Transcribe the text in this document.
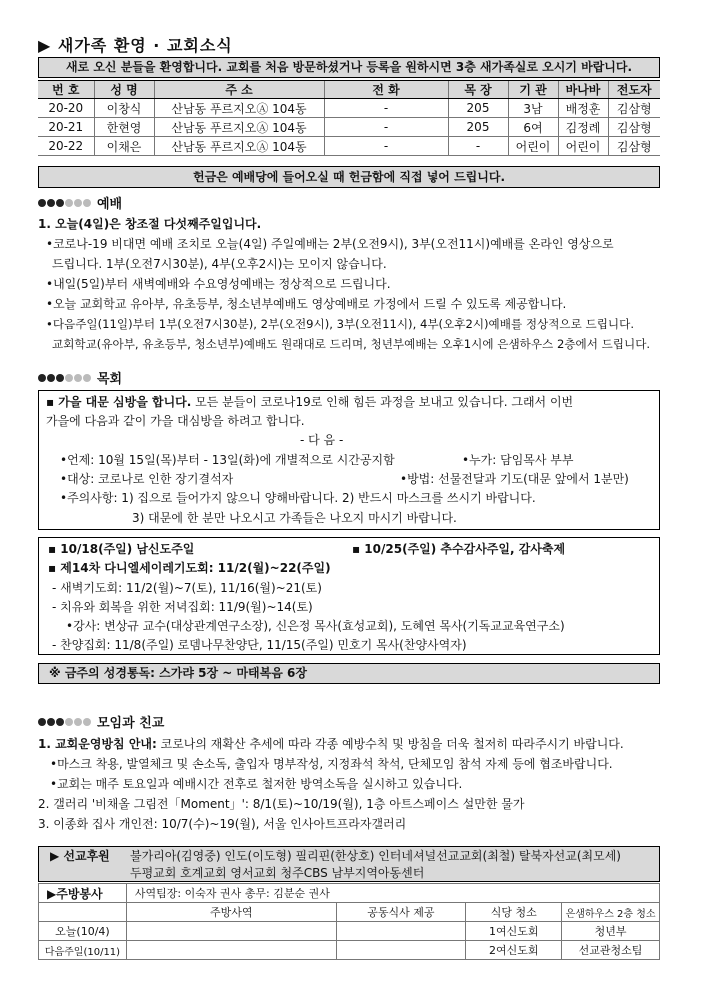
▶ 새가족 환영 · 교회소식
새로 오신 분들을 환영합니다. 교회를 처음 방문하셨거나 등록을 원하시면 3층 새가족실로 오시기 바랍니다.
번 호	성 명	주 소	전 화	목 장	기 관	바나바	전도자
20-20	이창식	산남동 푸르지오Ⓐ 104동	-	205	3남	배정훈	김삼형
20-21	한현영	산남동 푸르지오Ⓐ 104동	-	205	6여	김정례	김삼형
20-22	이채은	산남동 푸르지오Ⓐ 104동	-	-	어린이	어린이	김삼형
헌금은 예배당에 들어오실 때 헌금함에 직접 넣어 드립니다.
예배
1. 오늘(4일)은 창조절 다섯째주일입니다.
•코로나-19 비대면 예배 조치로 오늘(4일) 주일예배는 2부(오전9시), 3부(오전11시)예배를 온라인 영상으로
드립니다. 1부(오전7시30분), 4부(오후2시)는 모이지 않습니다.
•내일(5일)부터 새벽예배와 수요영성예배는 정상적으로 드립니다.
•오늘 교회학교 유아부, 유초등부, 청소년부예배도 영상예배로 가정에서 드릴 수 있도록 제공합니다.
•다음주일(11일)부터 1부(오전7시30분), 2부(오전9시), 3부(오전11시), 4부(오후2시)예배를 정상적으로 드립니다.
교회학교(유아부, 유초등부, 청소년부)예배도 원래대로 드리며, 청년부예배는 오후1시에 은샘하우스 2층에서 드립니다.
목회
▪ 가을 대문 심방을 합니다. 모든 분들이 코로나19로 인해 힘든 과정을 보내고 있습니다. 그래서 이번
가을에 다음과 같이 가을 대심방을 하려고 합니다.
- 다 음 -
•언제: 10월 15일(목)부터 - 13일(화)에 개별적으로 시간공지함	•누가: 담임목사 부부
•대상: 코로나로 인한 장기결석자	•방법: 선물전달과 기도(대문 앞에서 1분만)
•주의사항: 1) 집으로 들어가지 않으니 양해바랍니다. 2) 반드시 마스크를 쓰시기 바랍니다.
3) 대문에 한 분만 나오시고 가족들은 나오지 마시기 바랍니다.
▪ 10/18(주일) 남신도주일	▪ 10/25(주일) 추수감사주일, 감사축제
▪ 제14차 다니엘세이레기도회: 11/2(월)~22(주일)
- 새벽기도회: 11/2(월)~7(토), 11/16(월)~21(토)
- 치유와 회복을 위한 저녁집회: 11/9(월)~14(토)
•강사: 변상규 교수(대상관계연구소장), 신은정 목사(효성교회), 도혜연 목사(기독교교육연구소)
- 찬양집회: 11/8(주일) 로뎀나무찬양단, 11/15(주일) 민호기 목사(찬양사역자)
※ 금주의 성경통독: 스가랴 5장 ~ 마태복음 6장
모임과 친교
1. 교회운영방침 안내: 코로나의 재확산 추세에 따라 각종 예방수칙 및 방침을 더욱 철저히 따라주시기 바랍니다.
•마스크 착용, 발열체크 및 손소독, 출입자 명부작성, 지정좌석 착석, 단체모임 참석 자제 등에 협조바랍니다.
•교회는 매주 토요일과 예배시간 전후로 철저한 방역소독을 실시하고 있습니다.
2. 갤러리 '비채올 그림전「Moment」': 8/1(토)~10/19(월), 1층 아트스페이스 설만한 물가
3. 이종화 집사 개인전: 10/7(수)~19(월), 서울 인사아트프라자갤러리
▶ 선교후원 불가리아(김영중) 인도(이도형) 필리핀(한상호) 인터네셔널선교교회(최철) 탈북자선교(최모세)
두평교회 호계교회 영서교회 청주CBS 남부지역아동센터
▶주방봉사	사역팀장: 이숙자 권사 총무: 김분순 권사			
	주방사역	공동식사 제공	식당 청소	은샘하우스 2층 청소
오늘(10/4)			1여신도회	청년부
다음주일(10/11)			2여신도회	선교관청소팀
